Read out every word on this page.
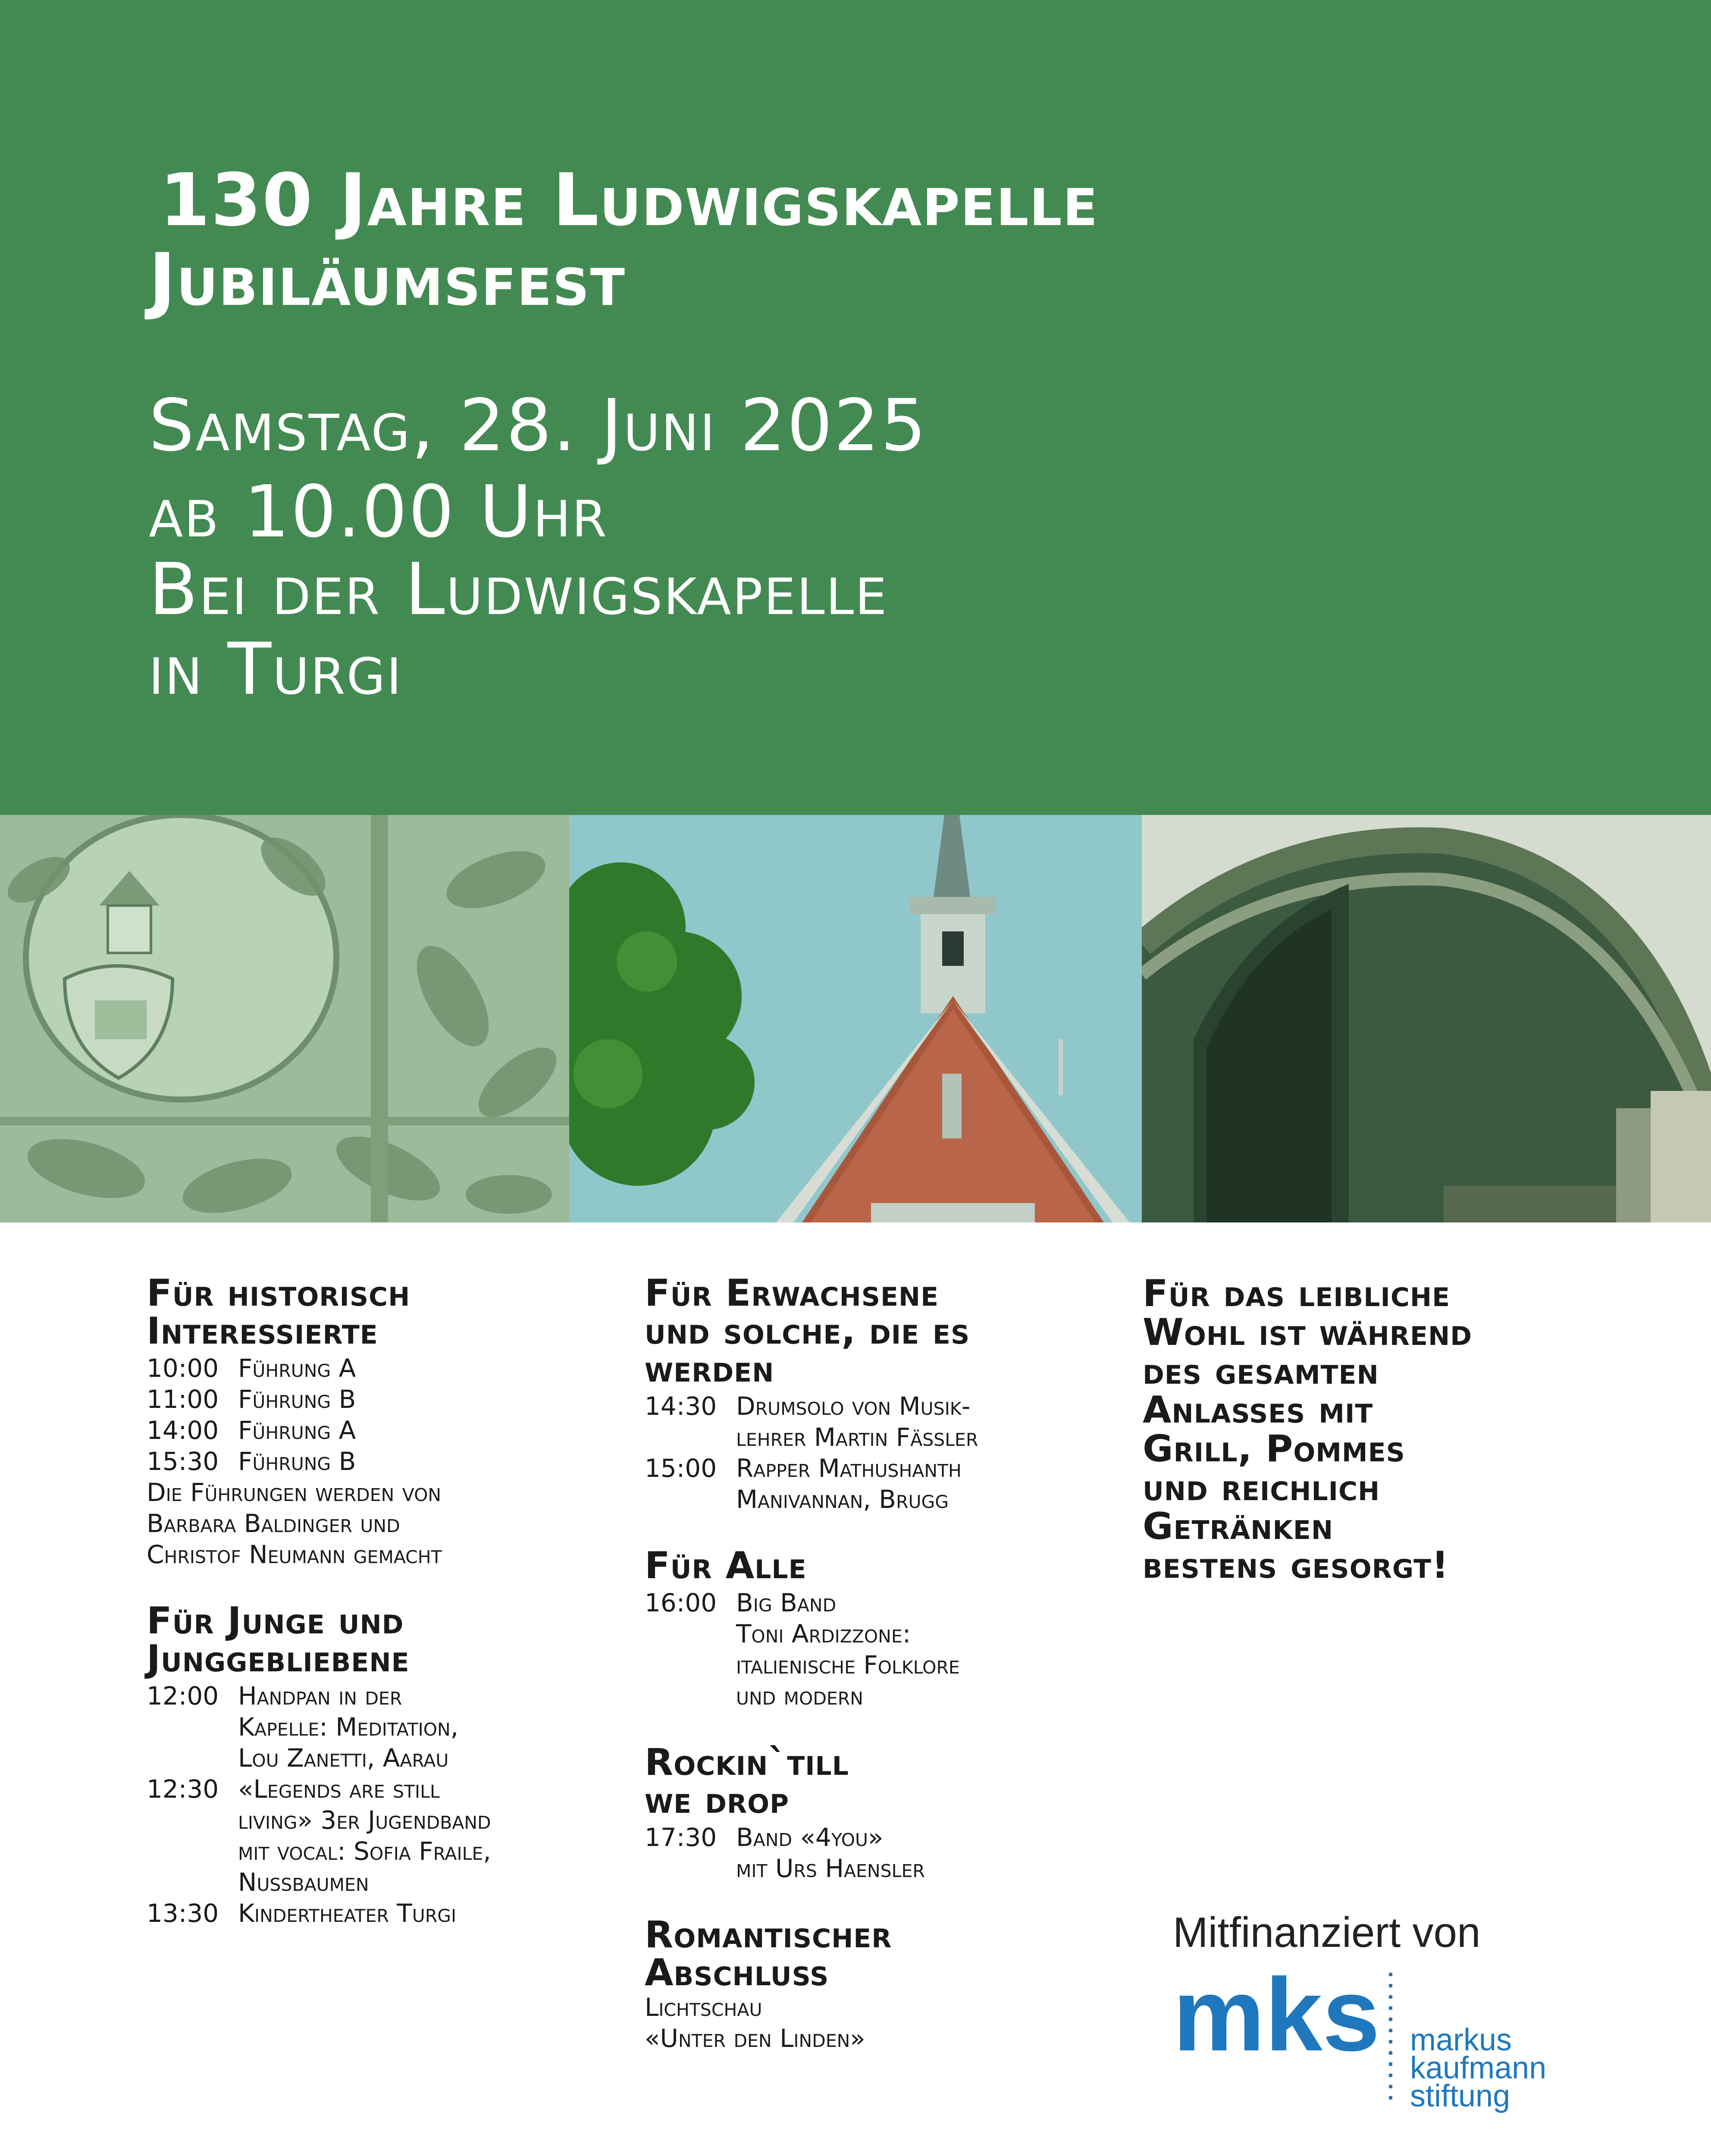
130 Jahre Ludwigskapelle
Jubiläumsfest
Samstag, 28. Juni 2025
ab 10.00 Uhr
Bei der Ludwigskapelle
in Turgi
Für historisch
Interessierte
10:00 Führung A
11:00 Führung B
14:00 Führung A
15:30 Führung B
Die Führungen werden von
Barbara Baldinger und
Christof Neumann gemacht
Für Junge und
Junggebliebene
12:00 Handpan in der
Kapelle: Meditation,
Lou Zanetti, Aarau
12:30 «Legends are still
living» 3er Jugendband
mit vocal: Sofia Fraile,
Nussbaumen
13:30 Kindertheater Turgi
Für Erwachsene
und solche, die es
werden
14:30 Drumsolo von Musik-
lehrer Martin Fässler
15:00 Rapper Mathushanth
Manivannan, Brugg
Für Alle
16:00 Big Band
Toni Ardizzone:
italienische Folklore
und modern
Rockin`till
we drop
17:30 Band «4you»
mit Urs Haensler
Romantischer
Abschluss
Lichtschau
«Unter den Linden»
Für das leibliche
Wohl ist während
des gesamten
Anlasses mit
Grill, Pommes
und reichlich
Getränken
bestens gesorgt!
Mitfinanziert von
mks markus
kaufmann
stiftung
